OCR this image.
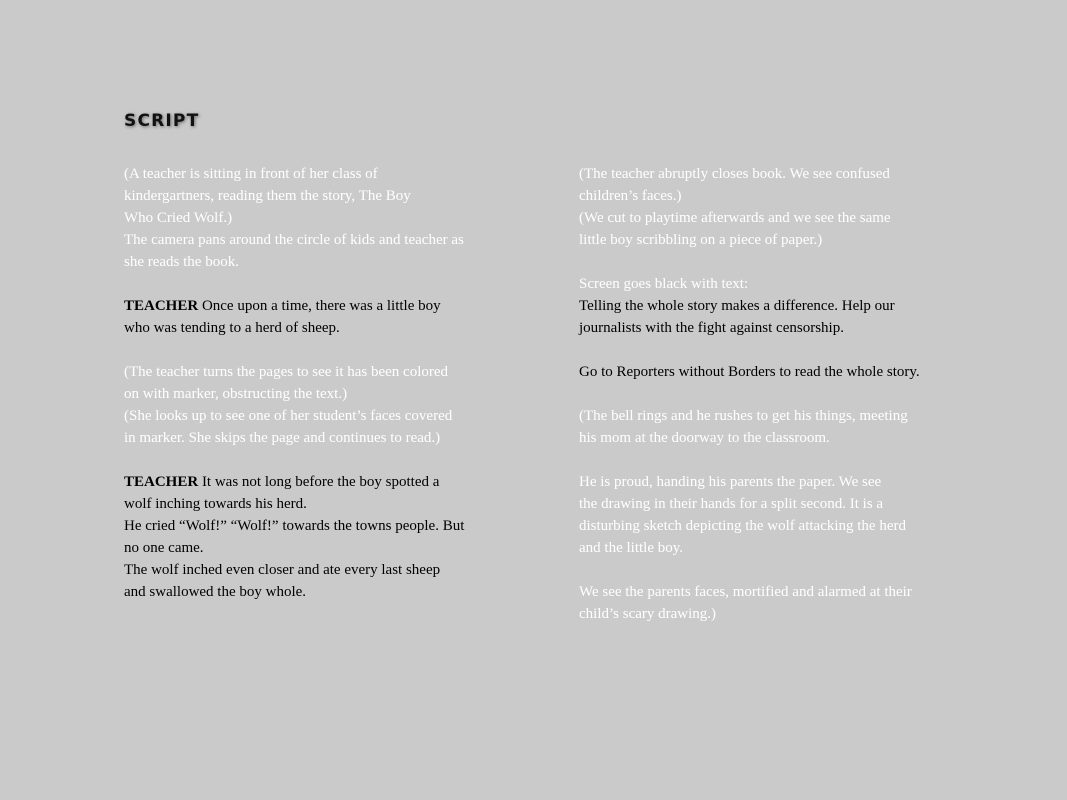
SCRIPT

(A teacher is sitting in front of her class of
kindergartners, reading them the story, The Boy
Who Cried Wolf.)
The camera pans around the circle of kids and teacher as
she reads the book.

TEACHER Once upon a time, there was a little boy
who was tending to a herd of sheep.

(The teacher turns the pages to see it has been colored
on with marker, obstructing the text.)
(She looks up to see one of her student’s faces covered
in marker. She skips the page and continues to read.)

TEACHER It was not long before the boy spotted a
wolf inching towards his herd.
He cried “Wolf!” “Wolf!” towards the towns people. But
no one came.
The wolf inched even closer and ate every last sheep
and swallowed the boy whole.

(The teacher abruptly closes book. We see confused
children’s faces.)
(We cut to playtime afterwards and we see the same
little boy scribbling on a piece of paper.)

Screen goes black with text:
Telling the whole story makes a difference. Help our
journalists with the fight against censorship.

Go to Reporters without Borders to read the whole story.

(The bell rings and he rushes to get his things, meeting
his mom at the doorway to the classroom.

He is proud, handing his parents the paper. We see
the drawing in their hands for a split second. It is a
disturbing sketch depicting the wolf attacking the herd
and the little boy.

We see the parents faces, mortified and alarmed at their
child’s scary drawing.)
